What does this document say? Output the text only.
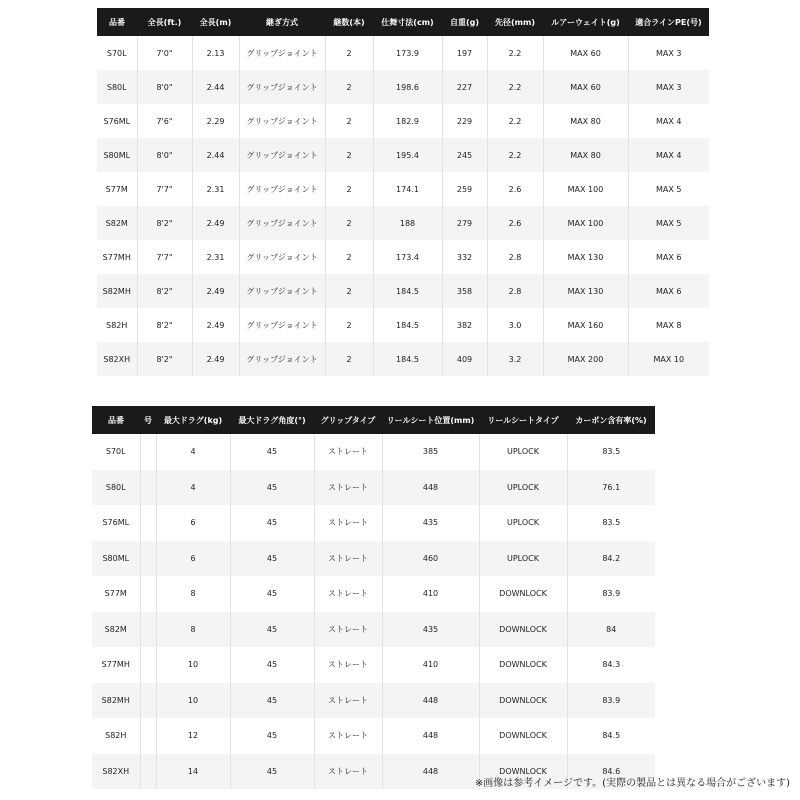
品番	全長(ft.)	全長(m)	継ぎ方式	継数(本)	仕舞寸法(cm)	自重(g)	先径(mm)	ルアーウェイト(g)	適合ラインPE(号)
S70L	7'0"	2.13	グリップジョイント	2	173.9	197	2.2	MAX 60	MAX 3
S80L	8'0"	2.44	グリップジョイント	2	198.6	227	2.2	MAX 60	MAX 3
S76ML	7'6"	2.29	グリップジョイント	2	182.9	229	2.2	MAX 80	MAX 4
S80ML	8'0"	2.44	グリップジョイント	2	195.4	245	2.2	MAX 80	MAX 4
S77M	7'7"	2.31	グリップジョイント	2	174.1	259	2.6	MAX 100	MAX 5
S82M	8'2"	2.49	グリップジョイント	2	188	279	2.6	MAX 100	MAX 5
S77MH	7'7"	2.31	グリップジョイント	2	173.4	332	2.8	MAX 130	MAX 6
S82MH	8'2"	2.49	グリップジョイント	2	184.5	358	2.8	MAX 130	MAX 6
S82H	8'2"	2.49	グリップジョイント	2	184.5	382	3.0	MAX 160	MAX 8
S82XH	8'2"	2.49	グリップジョイント	2	184.5	409	3.2	MAX 200	MAX 10
品番	号	最大ドラグ(kg)	最大ドラグ角度(°)	グリップタイプ	リールシート位置(mm)	リールシートタイプ	カーボン含有率(%)
S70L		4	45	ストレート	385	UPLOCK	83.5
S80L		4	45	ストレート	448	UPLOCK	76.1
S76ML		6	45	ストレート	435	UPLOCK	83.5
S80ML		6	45	ストレート	460	UPLOCK	84.2
S77M		8	45	ストレート	410	DOWNLOCK	83.9
S82M		8	45	ストレート	435	DOWNLOCK	84
S77MH		10	45	ストレート	410	DOWNLOCK	84.3
S82MH		10	45	ストレート	448	DOWNLOCK	83.9
S82H		12	45	ストレート	448	DOWNLOCK	84.5
S82XH		14	45	ストレート	448	DOWNLOCK	84.6
※画像は参考イメージです。(実際の製品とは異なる場合がございます)
